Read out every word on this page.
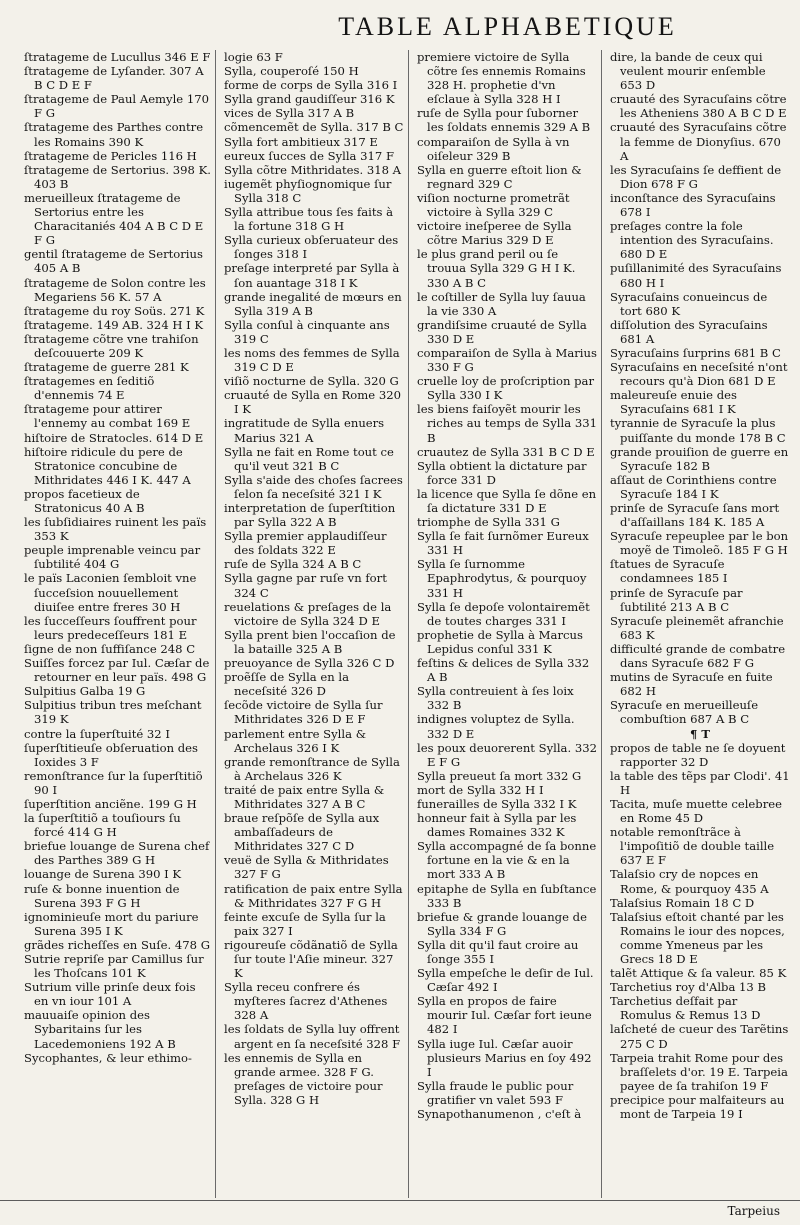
TABLE ALPHABETIQUE

ſtratageme de Lucullus 346 E F

ſtratageme de Lyſander. 307 A B C D E F

ſtratageme de Paul Aemyle 170 F G

ſtratageme des Parthes contre les Romains 390 K

ſtratageme de Pericles 116 H

ſtratageme de Sertorius. 398 K. 403 B

merueilleux ſtratageme de Sertorius entre les Characitaniés 404 A B C D E F G

gentil ſtratageme de Sertorius 405 A B

ſtratageme de Solon contre les Megariens 56 K. 57 A

ſtratageme du roy Soüs. 271 K

ſtratageme. 149 AB. 324 H I K

ſtratageme cõtre vne trahiſon deſcouuerte 209 K

ſtratageme de guerre 281 K

ſtratagemes en ſeditiõ d'ennemis 74 E

ſtratageme pour attirer l'ennemy au combat 169 E

hiſtoire de Stratocles. 614 D E

hiſtoire ridicule du pere de Stratonice concubine de Mithridates 446 I K. 447 A

propos facetieux de Stratonicus 40 A B

les ſubſidiaires ruinent les païs 353 K

peuple imprenable veincu par ſubtilité 404 G

le païs Laconien ſembloit vne ſucceſsion nouuellement diuiſee entre freres 30 H

les ſucceſſeurs ſouffrent pour leurs predeceſſeurs 181 E

ſigne de non ſuffiſance 248 C

Suiſſes forcez par Iul. Cæſar de retourner en leur païs. 498 G

Sulpitius Galba 19 G

Sulpitius tribun tres meſchant 319 K

contre la ſuperſtuité 32 I

ſuperſtitieuſe obſeruation des Ioxides 3 F

remonſtrance ſur la ſuperſtitiõ 90 I

ſuperſtition anciẽne. 199 G H

la ſuperſtitiõ a touſiours ſu forcé 414 G H

briefue louange de Surena chef des Parthes 389 G H

louange de Surena 390 I K

ruſe & bonne inuention de Surena 393 F G H

ignominieuſe mort du pariure Surena 395 I K

grãdes richeſſes en Suſe. 478 G

Sutrie repriſe par Camillus ſur les Thoſcans 101 K

Sutrium ville prinſe deux fois en vn iour 101 A

mauuaiſe opinion des Sybaritains ſur les Lacedemoniens 192 A B

Sycophantes, & leur ethimo-

logie 63 F

Sylla, couperoſé 150 H

forme de corps de Sylla 316 I

Sylla grand gaudiſſeur 316 K

vices de Sylla 317 A B

cõmencemẽt de Sylla. 317 B C

Sylla fort ambitieux 317 E

eureux ſucces de Sylla 317 F

Sylla cõtre Mithridates. 318 A

iugemẽt phyſiognomique ſur Sylla 318 C

Sylla attribue tous ſes faits à la fortune 318 G H

Sylla curieux obſeruateur des ſonges 318 I

preſage interpreté par Sylla à ſon auantage 318 I K

grande inegalité de mœurs en Sylla 319 A B

Sylla conſul à cinquante ans 319 C

les noms des femmes de Sylla 319 C D E

viſiõ nocturne de Sylla. 320 G

cruauté de Sylla en Rome 320 I K

ingratitude de Sylla enuers Marius 321 A

Sylla ne fait en Rome tout ce qu'il veut 321 B C

Sylla s'aide des choſes ſacrees ſelon ſa neceſsité 321 I K

interpretation de ſuperſtition par Sylla 322 A B

Sylla premier applaudiſſeur des ſoldats 322 E

ruſe de Sylla 324 A B C

Sylla gagne par ruſe vn fort 324 C

reuelations & preſages de la victoire de Sylla 324 D E

Sylla prent bien l'occaſion de la bataille 325 A B

preuoyance de Sylla 326 C D

proẽſſe de Sylla en la neceſsité 326 D

ſecõde victoire de Sylla ſur Mithridates 326 D E F

parlement entre Sylla & Archelaus 326 I K

grande remonſtrance de Sylla à Archelaus 326 K

traité de paix entre Sylla & Mithridates 327 A B C

braue reſpõſe de Sylla aux ambaſſadeurs de Mithridates 327 C D

veuë de Sylla & Mithridates 327 F G

ratification de paix entre Sylla & Mithridates 327 F G H

feinte excuſe de Sylla ſur la paix 327 I

rigoureuſe cõdãnatiõ de Sylla ſur toute l'Aſie mineur. 327 K

Sylla receu confrere és myſteres ſacrez d'Athenes 328 A

les ſoldats de Sylla luy offrent argent en ſa neceſsité 328 F

les ennemis de Sylla en grande armee. 328 F G. preſages de victoire pour Sylla. 328 G H

premiere victoire de Sylla cõtre ſes ennemis Romains 328 H. prophetie d'vn eſclaue à Sylla 328 H I

ruſe de Sylla pour ſuborner les ſoldats ennemis 329 A B

comparaiſon de Sylla à vn oiſeleur 329 B

Sylla en guerre eſtoit lion & regnard 329 C

viſion nocturne prometrãt victoire à Sylla 329 C

victoire ineſperee de Sylla cõtre Marius 329 D E

le plus grand peril ou ſe trouua Sylla 329 G H I K. 330 A B C

le coſtiller de Sylla luy ſauua la vie 330 A

grandiſsime cruauté de Sylla 330 D E

comparaiſon de Sylla à Marius 330 F G

cruelle loy de proſcription par Sylla 330 I K

les biens faiſoyẽt mourir les riches au temps de Sylla 331 B

cruautez de Sylla 331 B C D E

Sylla obtient la dictature par force 331 D

la licence que Sylla ſe dõne en ſa dictature 331 D E

triomphe de Sylla 331 G

Sylla ſe fait ſurnõmer Eureux 331 H

Sylla ſe ſurnomme Epaphrodytus, & pourquoy 331 H

Sylla ſe depoſe volontairemẽt de toutes charges 331 I

prophetie de Sylla à Marcus Lepidus conſul 331 K

feſtins & delices de Sylla 332 A B

Sylla contreuient à ſes loix 332 B

indignes voluptez de Sylla. 332 D E

les poux deuorerent Sylla. 332 E F G

Sylla preueut ſa mort 332 G

mort de Sylla 332 H I

funerailles de Sylla 332 I K

honneur fait à Sylla par les dames Romaines 332 K

Sylla accompagné de ſa bonne fortune en la vie & en la mort 333 A B

epitaphe de Sylla en ſubſtance 333 B

briefue & grande louange de Sylla 334 F G

Sylla dit qu'il faut croire au ſonge 355 I

Sylla empeſche le deſir de Iul. Cæſar 492 I

Sylla en propos de faire mourir Iul. Cæſar fort ieune 482 I

Sylla iuge Iul. Cæſar auoir plusieurs Marius en ſoy 492 I

Sylla fraude le public pour gratifier vn valet 593 F

Synapothanumenon , c'eſt à

dire, la bande de ceux qui veulent mourir enſemble 653 D

cruauté des Syracuſains cõtre les Atheniens 380 A B C D E

cruauté des Syracuſains cõtre la femme de Dionyſius. 670 A

les Syracuſains ſe deffient de Dion 678 F G

inconſtance des Syracuſains 678 I

preſages contre la fole intention des Syracuſains. 680 D E

puſillanimité des Syracuſains 680 H I

Syracuſains conueincus de tort 680 K

diſſolution des Syracuſains 681 A

Syracuſains ſurprins 681 B C

Syracuſains en neceſsité n'ont recours qu'à Dion 681 D E

maleureuſe enuie des Syracuſains 681 I K

tyrannie de Syracuſe la plus puiſſante du monde 178 B C

grande prouiſion de guerre en Syracuſe 182 B

aſſaut de Corinthiens contre Syracuſe 184 I K

prinſe de Syracuſe ſans mort d'aſſaillans 184 K. 185 A

Syracuſe repeuplee par le bon moyẽ de Timoleõ. 185 F G H

ſtatues de Syracuſe condamnees 185 I

prinſe de Syracuſe par ſubtilité 213 A B C

Syracuſe pleinemẽt afranchie 683 K

difficulté grande de combatre dans Syracuſe 682 F G

mutins de Syracuſe en fuite 682 H

Syracuſe en merueilleuſe combuſtion 687 A B C

¶ T

propos de table ne ſe doyuent rapporter 32 D

la table des tẽps par Clodi'. 41 H

Tacita, muſe muette celebree en Rome 45 D

notable remonſtrãce à l'impoſitiõ de double taille 637 E F

Talaſsio cry de nopces en Rome, & pourquoy 435 A

Talaſsius Romain 18 C D

Talaſsius eſtoit chanté par les Romains le iour des nopces, comme Ymeneus par les Grecs 18 D E

talẽt Attique & ſa valeur. 85 K

Tarchetius roy d'Alba 13 B

Tarchetius deſfait par Romulus & Remus 13 D

laſcheté de cueur des Tarẽtins 275 C D

Tarpeia trahit Rome pour des braſſelets d'or. 19 E. Tarpeia payee de ſa trahiſon 19 F

precipice pour malfaiteurs au mont de Tarpeia 19 I

Tarpeius
